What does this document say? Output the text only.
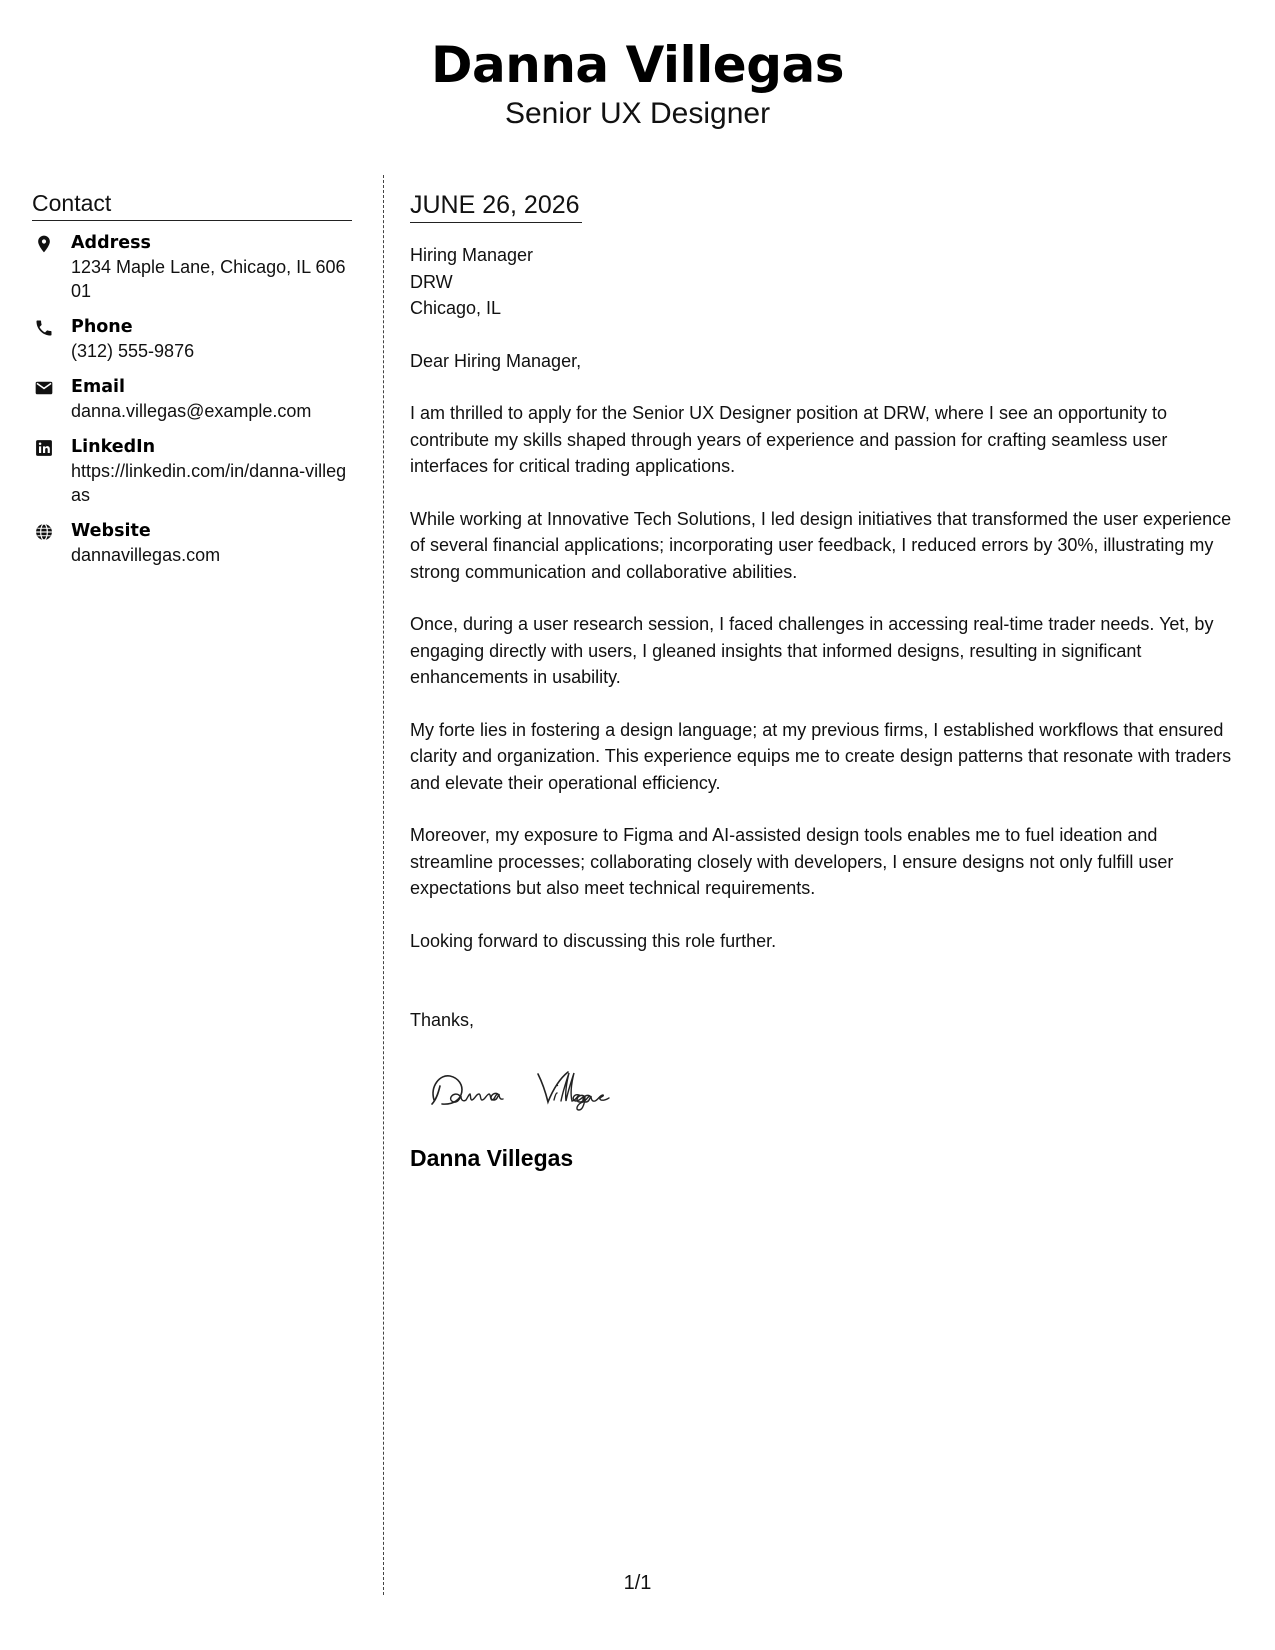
Danna Villegas
Senior UX Designer
Contact
Address
1234 Maple Lane, Chicago, IL 60601
Phone
(312) 555-9876
Email
danna.villegas@example.com
LinkedIn
https://linkedin.com/in/danna-villegas
Website
dannavillegas.com
JUNE 26, 2026
Hiring Manager
DRW
Chicago, IL

Dear Hiring Manager,

I am thrilled to apply for the Senior UX Designer position at DRW, where I see an opportunity to contribute my skills shaped through years of experience and passion for crafting seamless user interfaces for critical trading applications.

While working at Innovative Tech Solutions, I led design initiatives that transformed the user experience of several financial applications; incorporating user feedback, I reduced errors by 30%, illustrating my strong communication and collaborative abilities.

Once, during a user research session, I faced challenges in accessing real-time trader needs. Yet, by engaging directly with users, I gleaned insights that informed designs, resulting in significant enhancements in usability.

My forte lies in fostering a design language; at my previous firms, I established workflows that ensured clarity and organization. This experience equips me to create design patterns that resonate with traders and elevate their operational efficiency.

Moreover, my exposure to Figma and AI-assisted design tools enables me to fuel ideation and streamline processes; collaborating closely with developers, I ensure designs not only fulfill user expectations but also meet technical requirements.

Looking forward to discussing this role further.

Thanks,
Danna Villegas
1/1
